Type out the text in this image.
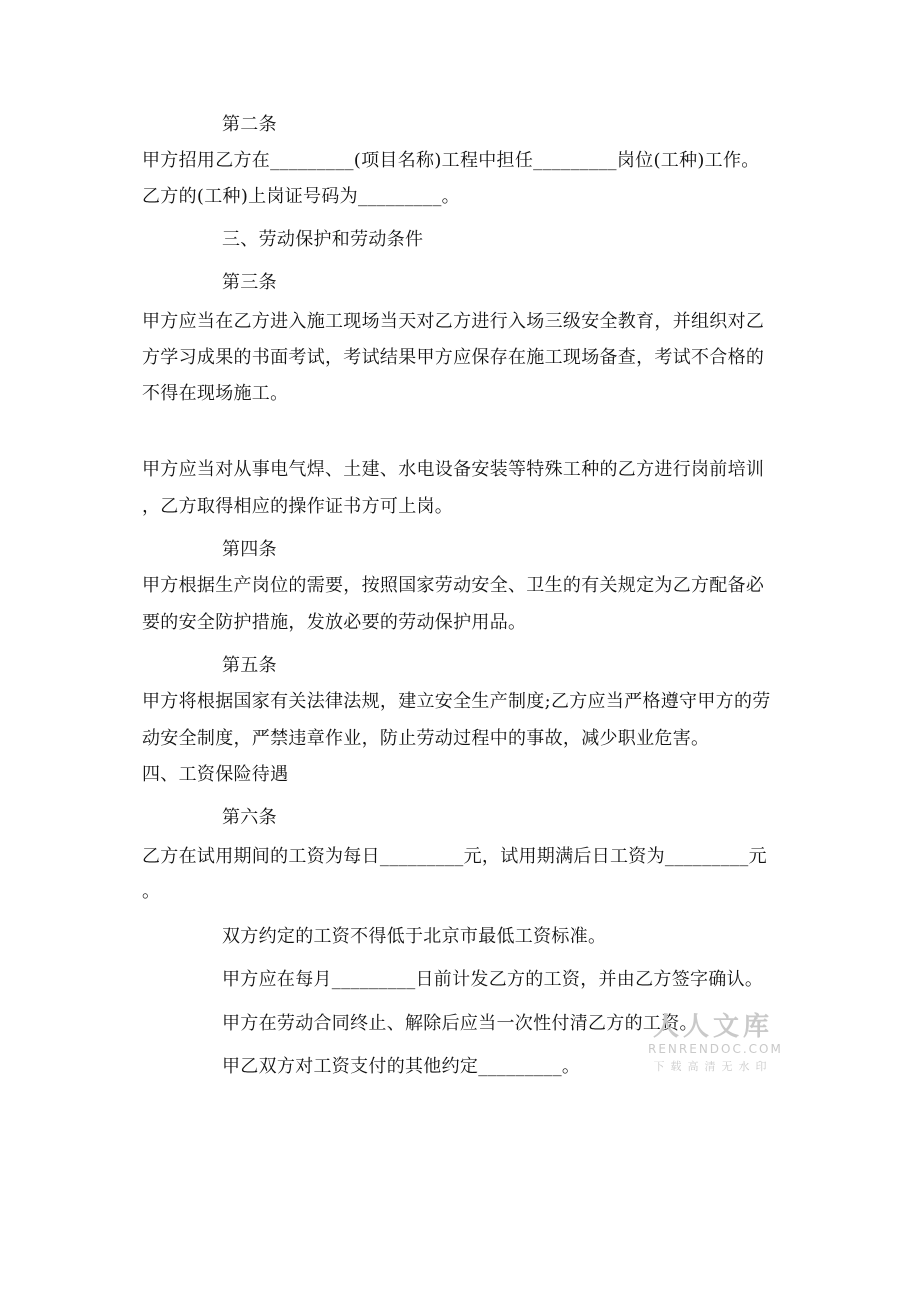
第二条
甲方招用乙方在_________(项目名称)工程中担任_________岗位(工种)工作。
乙方的(工种)上岗证号码为_________。
三、劳动保护和劳动条件
第三条
甲方应当在乙方进入施工现场当天对乙方进行入场三级安全教育，并组织对乙
方学习成果的书面考试，考试结果甲方应保存在施工现场备查，考试不合格的
不得在现场施工。
甲方应当对从事电气焊、土建、水电设备安装等特殊工种的乙方进行岗前培训
，乙方取得相应的操作证书方可上岗。
第四条
甲方根据生产岗位的需要，按照国家劳动安全、卫生的有关规定为乙方配备必
要的安全防护措施，发放必要的劳动保护用品。
第五条
甲方将根据国家有关法律法规，建立安全生产制度;乙方应当严格遵守甲方的劳
动安全制度，严禁违章作业，防止劳动过程中的事故，减少职业危害。
四、工资保险待遇
第六条
乙方在试用期间的工资为每日_________元，试用期满后日工资为_________元
。
双方约定的工资不得低于北京市最低工资标准。
甲方应在每月_________日前计发乙方的工资，并由乙方签字确认。
甲方在劳动合同终止、解除后应当一次性付清乙方的工资。
甲乙双方对工资支付的其他约定_________。
人人文库
RENRENDOC.COM
下载高清无水印
